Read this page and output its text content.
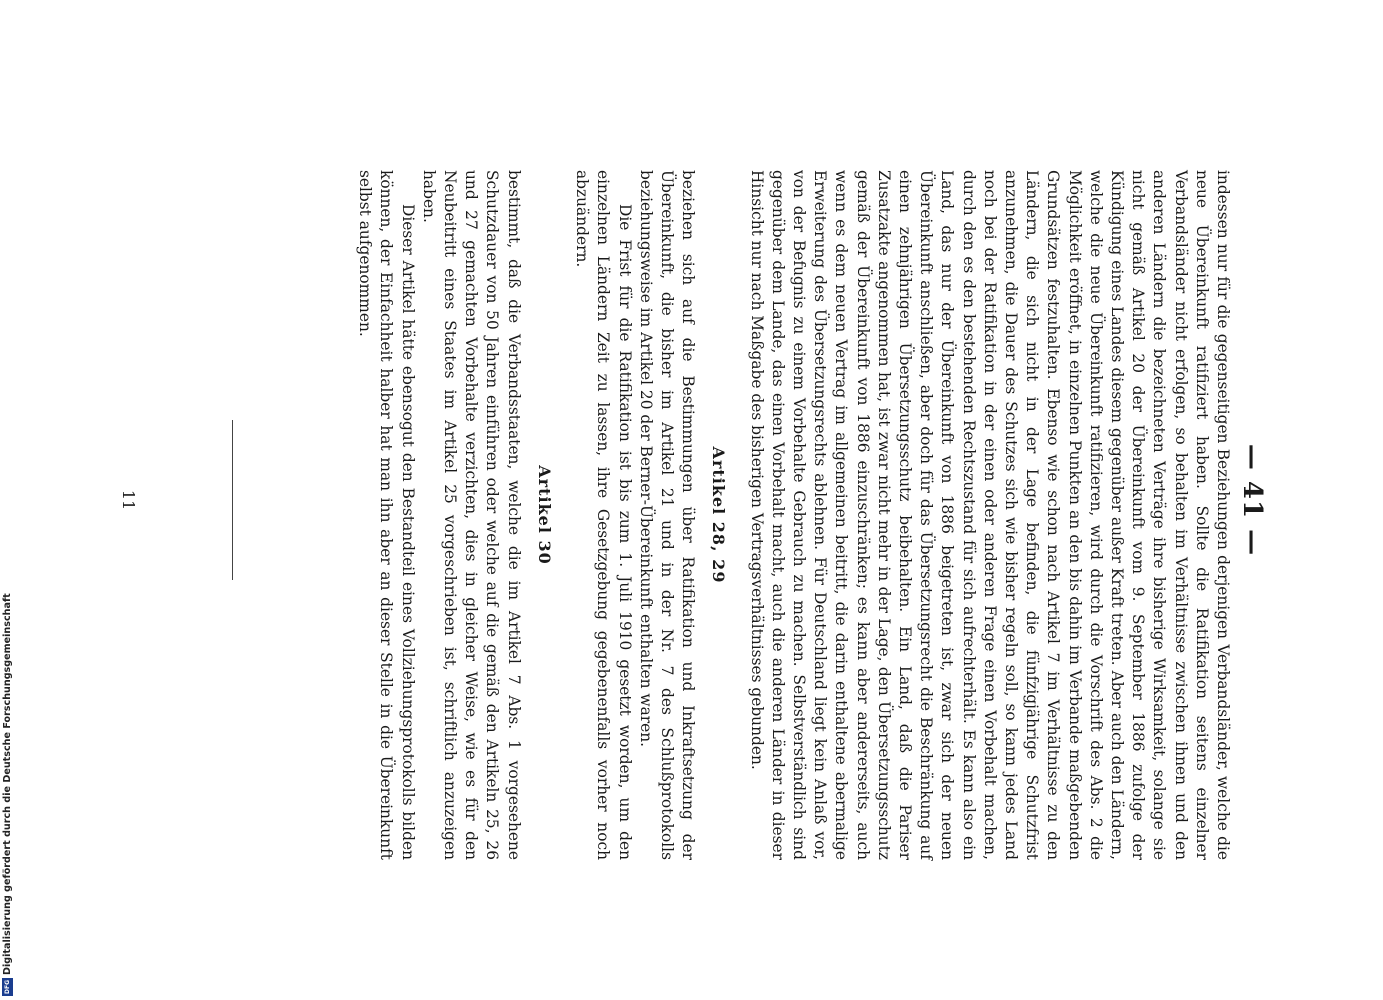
— 41 —

indessen nur für die gegenseitigen Beziehungen derjenigen Verbandsländer, welche die neue Übereinkunft ratifiziert haben. Sollte die Ratifikation seitens einzelner Verbandsländer nicht erfolgen, so behalten im Verhältnisse zwischen ihnen und den anderen Ländern die bezeichneten Verträge ihre bisherige Wirksamkeit, solange sie nicht gemäß Artikel 20 der Übereinkunft vom 9. September 1886 zufolge der Kündigung eines Landes diesem gegenüber außer Kraft treten. Aber auch den Ländern, welche die neue Übereinkunft ratifizieren, wird durch die Vorschrift des Abs. 2 die Möglichkeit eröffnet, in einzelnen Punkten an den bis dahin im Verbande maßgebenden Grundsätzen festzuhalten. Ebenso wie schon nach Artikel 7 im Verhältnisse zu den Ländern, die sich nicht in der Lage befinden, die fünfzigjährige Schutzfrist anzunehmen, die Dauer des Schutzes sich wie bisher regeln soll, so kann jedes Land noch bei der Ratifikation in der einen oder anderen Frage einen Vorbehalt machen, durch den es den bestehenden Rechtszustand für sich aufrechterhält. Es kann also ein Land, das nur der Übereinkunft von 1886 beigetreten ist, zwar sich der neuen Übereinkunft anschließen, aber doch für das Übersetzungsrecht die Beschränkung auf einen zehnjährigen Übersetzungsschutz beibehalten. Ein Land, daß die Pariser Zusatzakte angenommen hat, ist zwar nicht mehr in der Lage, den Übersetzungsschutz gemäß der Übereinkunft von 1886 einzuschränken; es kann aber andererseits, auch wenn es dem neuen Vertrag im allgemeinen beitritt, die darin enthaltene abermalige Erweiterung des Übersetzungsrechts ablehnen. Für Deutschland liegt kein Anlaß vor, von der Befugnis zu einem Vorbehalte Gebrauch zu machen. Selbstverständlich sind gegenüber dem Lande, das einen Vorbehalt macht, auch die anderen Länder in dieser Hinsicht nur nach Maßgabe des bisherigen Vertragsverhältnisses gebunden.

Artikel 28, 29

beziehen sich auf die Bestimmungen über Ratifikation und Inkraftsetzung der Übereinkunft, die bisher im Artikel 21 und in der Nr. 7 des Schlußprotokolls beziehungsweise im Artikel 20 der Berner-Übereinkunft enthalten waren.

Die Frist für die Ratifikation ist bis zum 1. Juli 1910 gesetzt worden, um den einzelnen Ländern Zeit zu lassen, ihre Gesetzgebung gegebenenfalls vorher noch abzuändern.

Artikel 30

bestimmt, daß die Verbandsstaaten, welche die im Artikel 7 Abs. 1 vorgesehene Schutzdauer von 50 Jahren einführen oder welche auf die gemäß den Artikeln 25, 26 und 27 gemachten Vorbehalte verzichten, dies in gleicher Weise, wie es für den Neubeitritt eines Staates im Artikel 25 vorgeschrieben ist, schriftlich anzuzeigen haben.

Dieser Artikel hätte ebensogut den Bestandteil eines Vollziehungsprotokolls bilden können, der Einfachheit halber hat man ihn aber an dieser Stelle in die Übereinkunft selbst aufgenommen.

11
DFG
Digitalisierung gefördert durch die Deutsche Forschungsgemeinschaft
